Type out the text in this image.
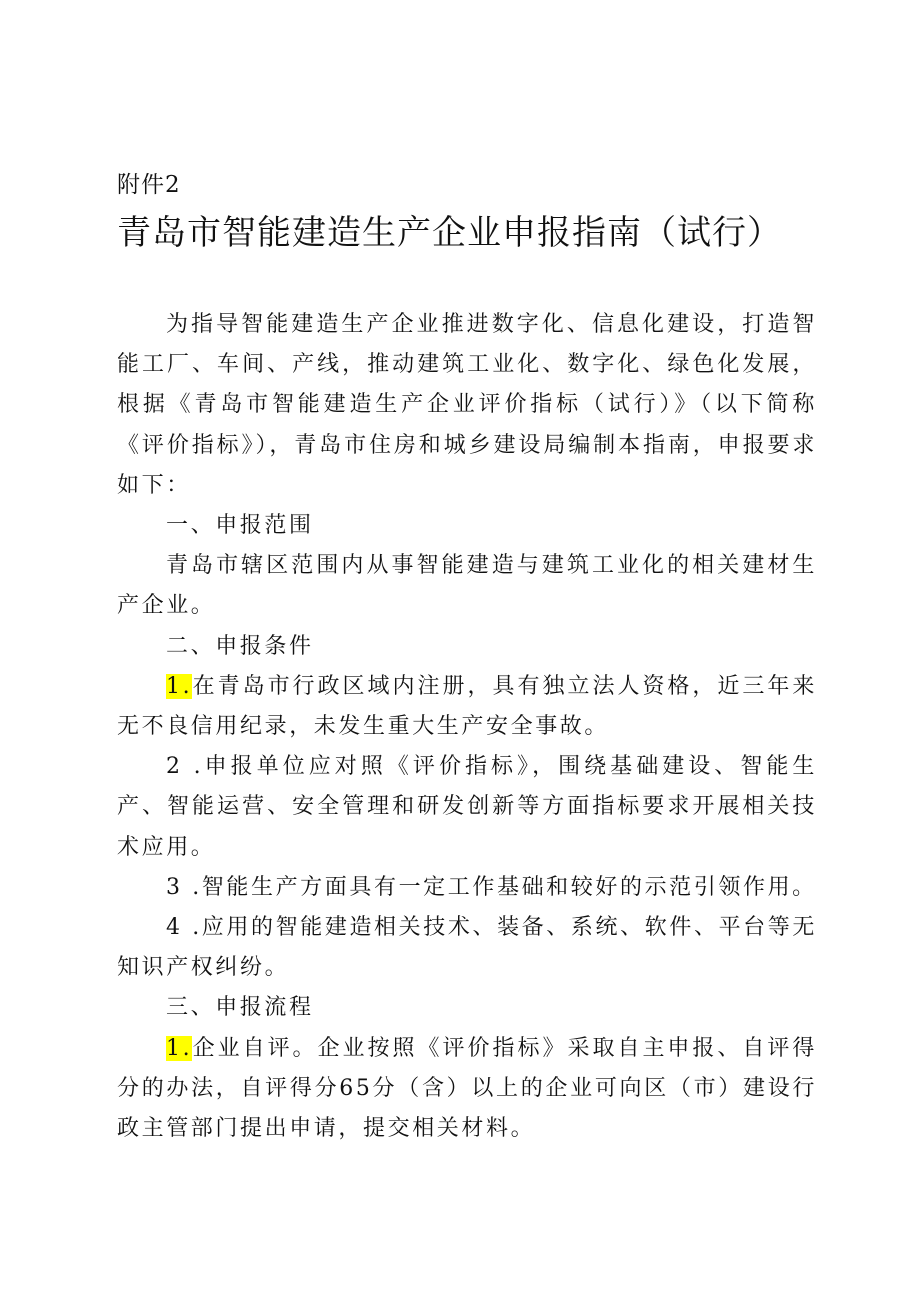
附件2
青岛市智能建造生产企业申报指南（试行）

为指导智能建造生产企业推进数字化、信息化建设，打造智能工厂、车间、产线，推动建筑工业化、数字化、绿色化发展，根据《青岛市智能建造生产企业评价指标（试行）》（以下简称《评价指标》），青岛市住房和城乡建设局编制本指南，申报要求如下：

一、申报范围

青岛市辖区范围内从事智能建造与建筑工业化的相关建材生产企业。

二、申报条件

1.在青岛市行政区域内注册，具有独立法人资格，近三年来无不良信用纪录，未发生重大生产安全事故。

2 .申报单位应对照《评价指标》，围绕基础建设、智能生产、智能运营、安全管理和研发创新等方面指标要求开展相关技术应用。

3 .智能生产方面具有一定工作基础和较好的示范引领作用。

4 .应用的智能建造相关技术、装备、系统、软件、平台等无知识产权纠纷。

三、申报流程

1.企业自评。企业按照《评价指标》采取自主申报、自评得分的办法，自评得分65分（含）以上的企业可向区（市）建设行政主管部门提出申请，提交相关材料。
